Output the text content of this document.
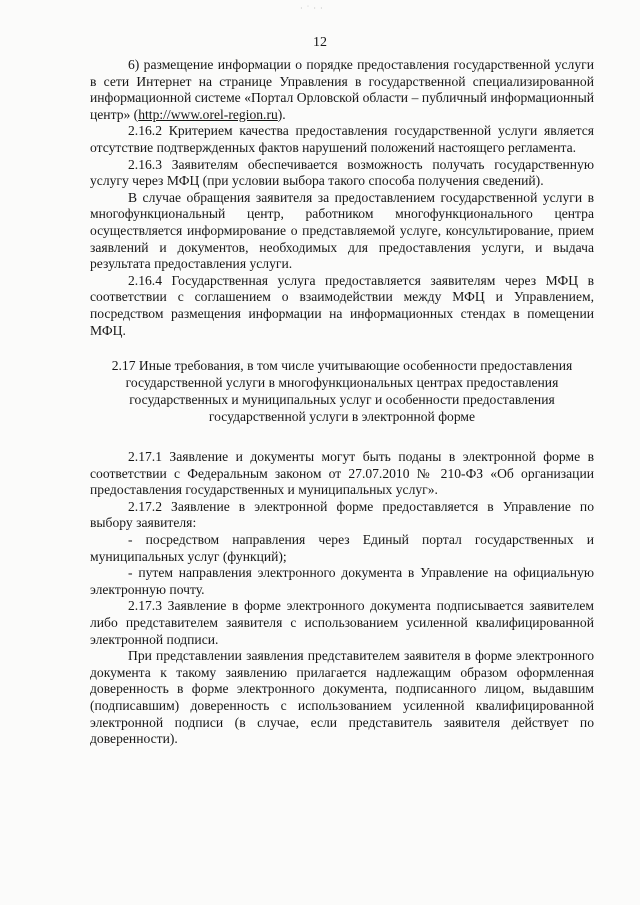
· ˙ · ·
12

6) размещение информации о порядке предоставления государственной услуги в сети Интернет на странице Управления в государственной специализированной информационной системе «Портал Орловской области – публичный информационный центр» (http://www.orel-region.ru).

2.16.2 Критерием качества предоставления государственной услуги является отсутствие подтвержденных фактов нарушений положений настоящего регламента.

2.16.3 Заявителям обеспечивается возможность получать государственную услугу через МФЦ (при условии выбора такого способа получения сведений).

В случае обращения заявителя за предоставлением государственной услуги в многофункциональный центр, работником многофункционального центра осуществляется информирование о представляемой услуге, консультирование, прием заявлений и документов, необходимых для предоставления услуги, и выдача результата предоставления услуги.

2.16.4 Государственная услуга предоставляется заявителям через МФЦ в соответствии с соглашением о взаимодействии между МФЦ и Управлением, посредством размещения информации на информационных стендах в помещении МФЦ.

2.17 Иные требования, в том числе учитывающие особенности предоставления государственной услуги в многофункциональных центрах предоставления государственных и муниципальных услуг и особенности предоставления государственной услуги в электронной форме

2.17.1 Заявление и документы могут быть поданы в электронной форме в соответствии с Федеральным законом от 27.07.2010 № 210-ФЗ «Об организации предоставления государственных и муниципальных услуг».

2.17.2 Заявление в электронной форме предоставляется в Управление по выбору заявителя:

- посредством направления через Единый портал государственных и муниципальных услуг (функций);

- путем направления электронного документа в Управление на официальную электронную почту.

2.17.3 Заявление в форме электронного документа подписывается заявителем либо представителем заявителя с использованием усиленной квалифицированной электронной подписи.

При представлении заявления представителем заявителя в форме электронного документа к такому заявлению прилагается надлежащим образом оформленная доверенность в форме электронного документа, подписанного лицом, выдавшим (подписавшим) доверенность с использованием усиленной квалифицированной электронной подписи (в случае, если представитель заявителя действует по доверенности).
